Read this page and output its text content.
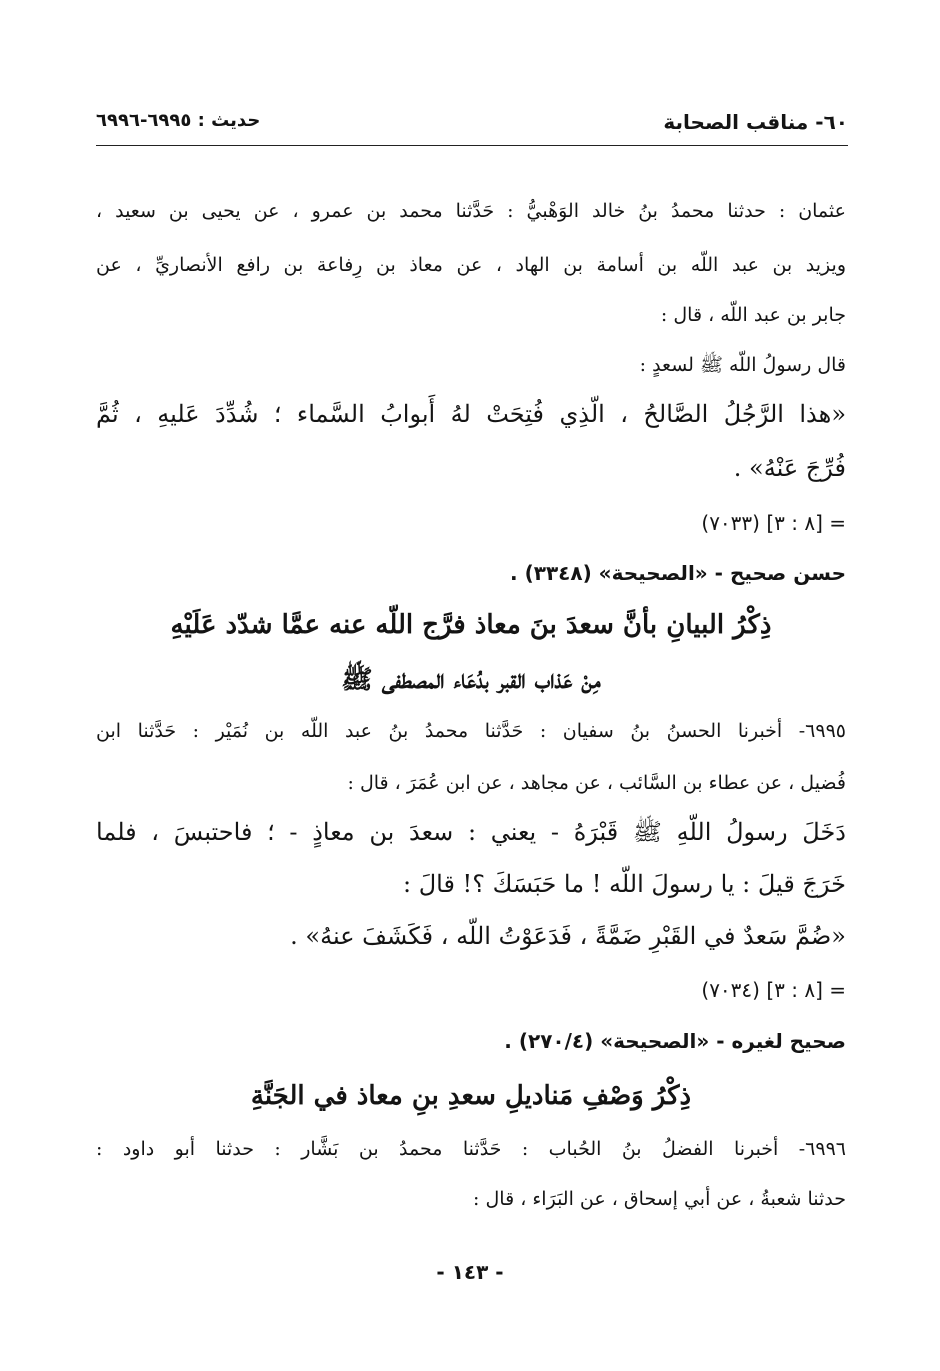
٦٠- مناقب الصحابة
حديث : ٦٩٩٥-٦٩٩٦
عثمان : حدثنا محمدُ بنُ خالد الوَهْبيُّ : حَدَّثنا محمد بن عمرو ، عن يحيى بن سعيد ،
ويزيد بن عبد اللّه بن أسامة بن الهاد ، عن معاذ بن رِفاعة بن رافع الأنصاريِّ ، عن
جابر بن عبد اللّه ، قال :
قال رسولُ اللّه ﷺ لسعدٍ :
«هذا الرَّجُلُ الصَّالحُ ، الّذِي فُتِحَتْ لهُ أَبوابُ السَّماء ؛ شُدِّدَ عَليهِ ، ثُمَّ
فُرِّجَ عَنْهُ» .
= [٨ : ٣] (٧٠٣٣)
حسن صحيح - «الصحيحة» (٣٣٤٨) .
ذِكْرُ البيانِ بأنَّ سعدَ بنَ معاذ فرَّج اللّه عنه عمَّا شدّد عَلَيْهِ
مِنْ عَذاب القبر بدُعَاء المصطفى ﷺ
٦٩٩٥- أخبرنا الحسنُ بنُ سفيان : حَدَّثنا محمدُ بنُ عبد اللّه بن نُمَيْر : حَدَّثنا ابن
فُضيل ، عن عطاء بن السَّائب ، عن مجاهد ، عن ابن عُمَرَ ، قال :
دَخَلَ رسولُ اللّهِ ﷺ قَبْرَهُ - يعني : سعدَ بن معاذٍ - ؛ فاحتبسَ ، فلما
خَرَجَ قيلَ : يا رسولَ اللّه ! ما حَبَسَكَ ؟! قالَ :
«ضُمَّ سَعدٌ في القَبْرِ ضَمَّةً ، فَدَعَوْتُ اللّه ، فَكَشَفَ عنهُ» .
= [٨ : ٣] (٧٠٣٤)
صحيح لغيره - «الصحيحة» (٢٧٠/٤) .
ذِكْرُ وَصْفِ مَناديلِ سعدِ بنِ معاذ في الجَنَّةِ
٦٩٩٦- أخبرنا الفضلُ بنُ الحُباب : حَدَّثنا محمدُ بن بَشَّار : حدثنا أبو داود :
حدثنا شعبةُ ، عن أبي إسحاق ، عن البَرَاء ، قال :
- ١٤٣ -
